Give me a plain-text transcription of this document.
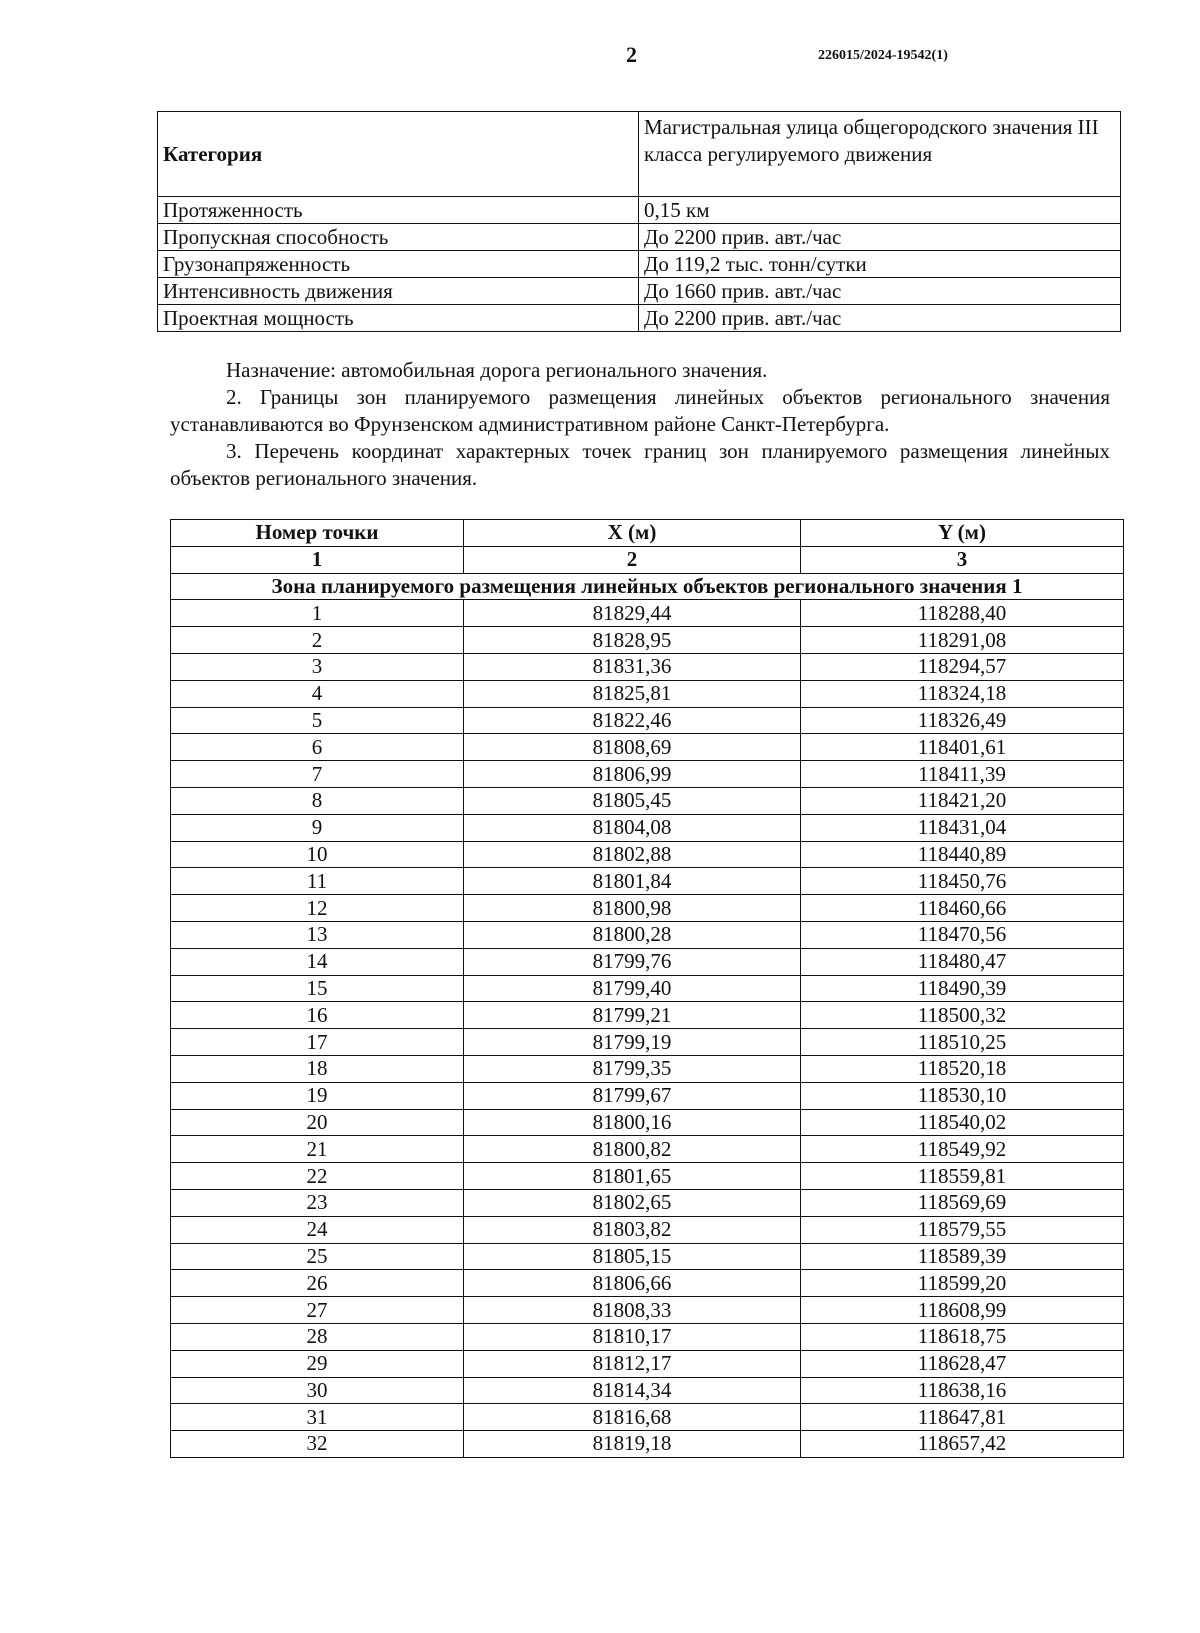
2	226015/2024-19542(1)
Категория	Магистральная улица общегородского значения III класса регулируемого движения
Протяженность	0,15 км
Пропускная способность	До 2200 прив. авт./час
Грузонапряженность	До 119,2 тыс. тонн/сутки
Интенсивность движения	До 1660 прив. авт./час
Проектная мощность	До 2200 прив. авт./час

Назначение: автомобильная дорога регионального значения.

2. Границы зон планируемого размещения линейных объектов регионального значения устанавливаются во Фрунзенском административном районе Санкт-Петербурга.

3. Перечень координат характерных точек границ зон планируемого размещения линейных объектов регионального значения.

Номер точки	X (м)	Y (м)
1	2	3
Зона планируемого размещения линейных объектов регионального значения 1		
1	81829,44	118288,40
2	81828,95	118291,08
3	81831,36	118294,57
4	81825,81	118324,18
5	81822,46	118326,49
6	81808,69	118401,61
7	81806,99	118411,39
8	81805,45	118421,20
9	81804,08	118431,04
10	81802,88	118440,89
11	81801,84	118450,76
12	81800,98	118460,66
13	81800,28	118470,56
14	81799,76	118480,47
15	81799,40	118490,39
16	81799,21	118500,32
17	81799,19	118510,25
18	81799,35	118520,18
19	81799,67	118530,10
20	81800,16	118540,02
21	81800,82	118549,92
22	81801,65	118559,81
23	81802,65	118569,69
24	81803,82	118579,55
25	81805,15	118589,39
26	81806,66	118599,20
27	81808,33	118608,99
28	81810,17	118618,75
29	81812,17	118628,47
30	81814,34	118638,16
31	81816,68	118647,81
32	81819,18	118657,42
